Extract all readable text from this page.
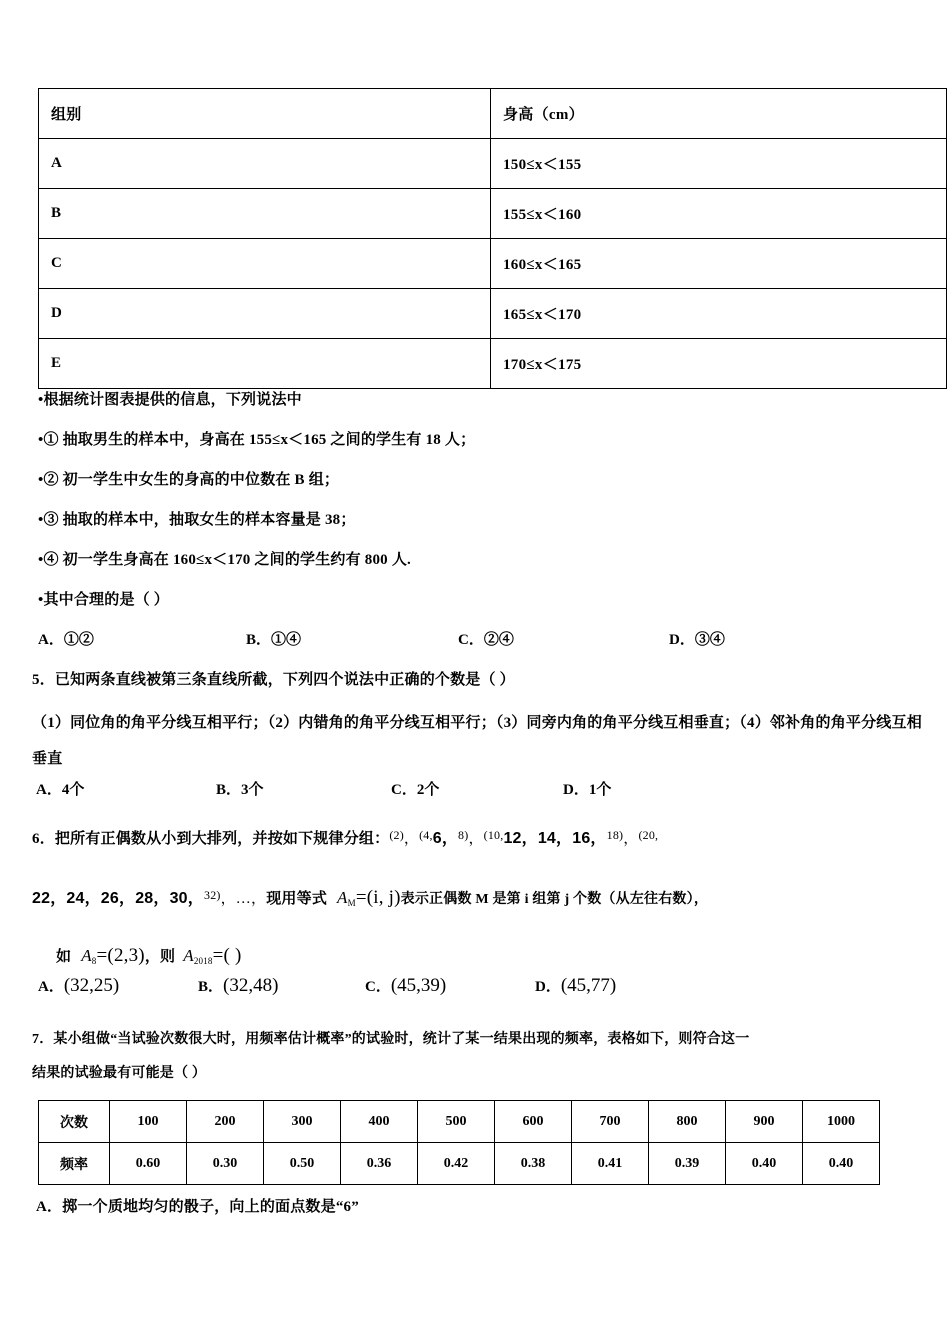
组别	身高（cm）
A	150≤x＜155
B	155≤x＜160
C	160≤x＜165
D	165≤x＜170
E	170≤x＜175
•根据统计图表提供的信息，下列说法中
•① 抽取男生的样本中，身高在 155≤x＜165 之间的学生有 18 人；
•② 初一学生中女生的身高的中位数在 B 组；
•③ 抽取的样本中，抽取女生的样本容量是 38；
•④ 初一学生身高在 160≤x＜170 之间的学生约有 800 人.
•其中合理的是（ ）
A．①②	B．①④	C．②④	D．③④
5．已知两条直线被第三条直线所截，下列四个说法中正确的个数是（ ）
（1）同位角的角平分线互相平行；（2）内错角的角平分线互相平行；（3）同旁内角的角平分线互相垂直；（4）邻补角的角平分线互相垂直
A．4个	B．3个	C．2个	D．1个
6．把所有正偶数从小到大排列，并按如下规律分组：$^{(2)}$，$^{(4,}$6，$^{8)}$，$^{(10,}$12，14，16，$^{18)}$，$^{(20,}$
22，24，26，28，30，$^{32)}$，…，现用等式 $A_M=(i$, j)表示正偶数 M 是第 i 组第 j 个数（从左往右数），
如 $A_8=(2,3)$，则 $A_{2018}=$( )
A．(32,25)	B．(32,48)	C．(45,39)	D．(45,77)
7．某小组做“当试验次数很大时，用频率估计概率”的试验时，统计了某一结果出现的频率，表格如下，则符合这一
结果的试验最有可能是（ ）
次数	100	200	300	400	500	600	700	800	900	1000
频率	0.60	0.30	0.50	0.36	0.42	0.38	0.41	0.39	0.40	0.40
A．掷一个质地均匀的骰子，向上的面点数是“6”
